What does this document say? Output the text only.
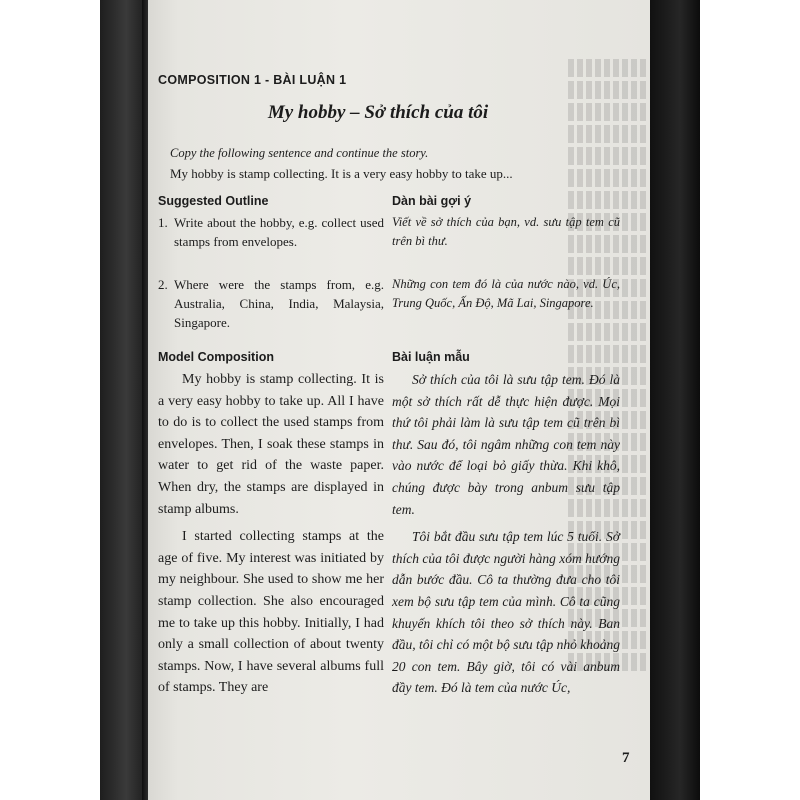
COMPOSITION 1 - BÀI LUẬN 1
My hobby – Sở thích của tôi
Copy the following sentence and continue the story.
My hobby is stamp collecting. It is a very easy hobby to take up...
Suggested Outline
1. Write about the hobby, e.g. collect used stamps from envelopes.
2. Where were the stamps from, e.g. Australia, China, India, Malaysia, Singapore.
Dàn bài gợi ý
Viết về sở thích của bạn, vd. sưu tập tem cũ trên bì thư.
Những con tem đó là của nước nào, vd. Úc, Trung Quốc, Ấn Độ, Mã Lai, Singapore.
Model Composition

My hobby is stamp collecting. It is a very easy hobby to take up. All I have to do is to collect the used stamps from envelopes. Then, I soak these stamps in water to get rid of the waste paper. When dry, the stamps are displayed in stamp albums.

I started collecting stamps at the age of five. My interest was initiated by my neighbour. She used to show me her stamp collection. She also encouraged me to take up this hobby. Initially, I had only a small collection of about twenty stamps. Now, I have several albums full of stamps. They are

Bài luận mẫu

Sở thích của tôi là sưu tập tem. Đó là một sở thích rất dễ thực hiện được. Mọi thứ tôi phải làm là sưu tập tem cũ trên bì thư. Sau đó, tôi ngâm những con tem này vào nước để loại bỏ giấy thừa. Khi khô, chúng được bày trong anbum sưu tập tem.

Tôi bắt đầu sưu tập tem lúc 5 tuổi. Sở thích của tôi được người hàng xóm hướng dẫn bước đầu. Cô ta thường đưa cho tôi xem bộ sưu tập tem của mình. Cô ta cũng khuyến khích tôi theo sở thích này. Ban đầu, tôi chỉ có một bộ sưu tập nhỏ khoảng 20 con tem. Bây giờ, tôi có vài anbum đầy tem. Đó là tem của nước Úc,

7
